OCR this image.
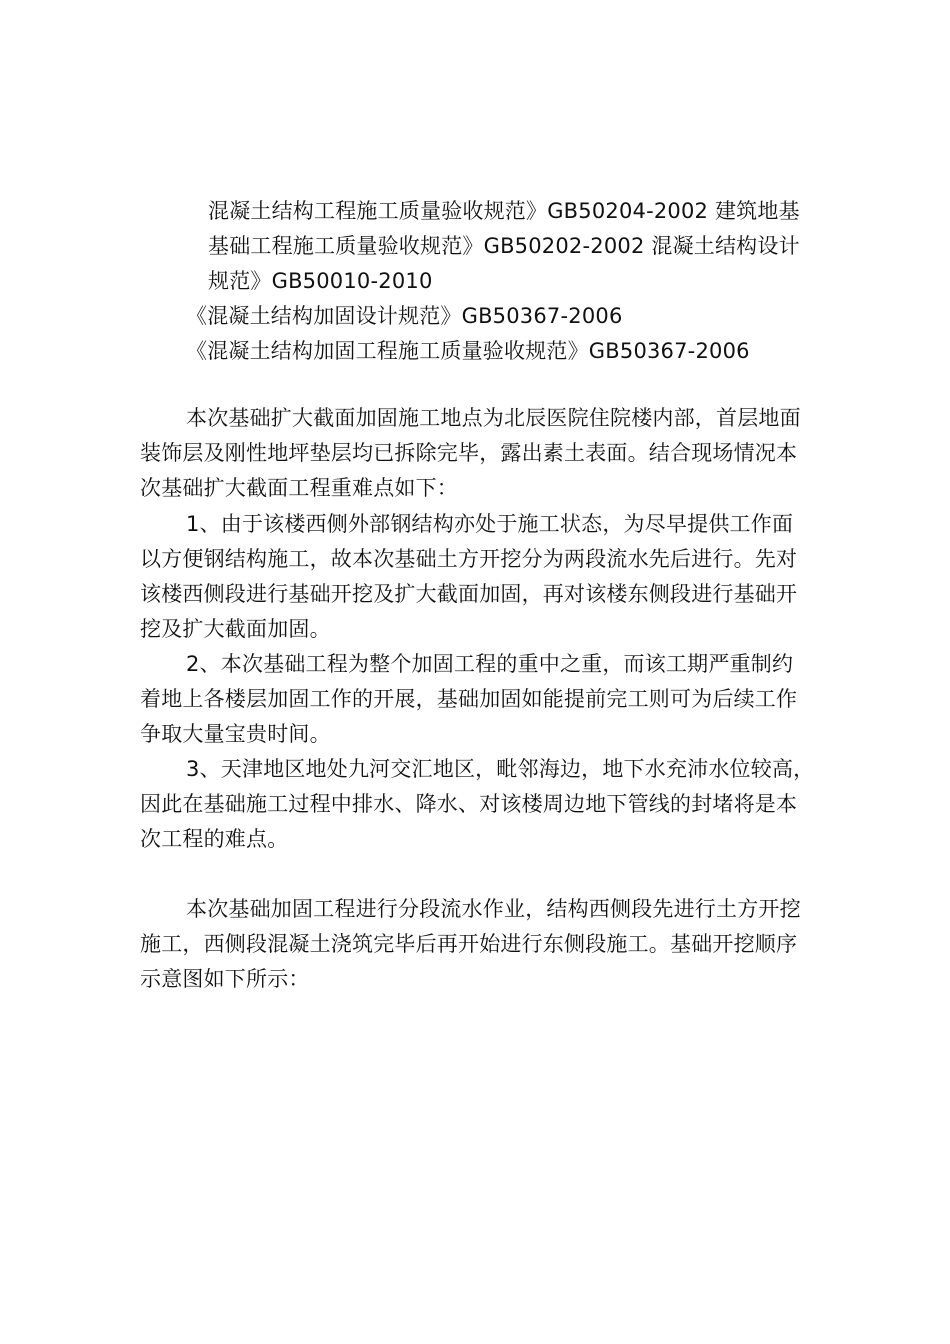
混凝土结构工程施工质量验收规范》GB50204-2002 建筑地基
基础工程施工质量验收规范》GB50202-2002 混凝土结构设计
规范》GB50010-2010
《混凝土结构加固设计规范》GB50367-2006
《混凝土结构加固工程施工质量验收规范》GB50367-2006
本次基础扩大截面加固施工地点为北辰医院住院楼内部，首层地面
装饰层及刚性地坪垫层均已拆除完毕，露出素土表面。结合现场情况本
次基础扩大截面工程重难点如下：
1、由于该楼西侧外部钢结构亦处于施工状态，为尽早提供工作面
以方便钢结构施工，故本次基础土方开挖分为两段流水先后进行。先对
该楼西侧段进行基础开挖及扩大截面加固，再对该楼东侧段进行基础开
挖及扩大截面加固。
2、本次基础工程为整个加固工程的重中之重，而该工期严重制约
着地上各楼层加固工作的开展，基础加固如能提前完工则可为后续工作
争取大量宝贵时间。
3、天津地区地处九河交汇地区，毗邻海边，地下水充沛水位较高，
因此在基础施工过程中排水、降水、对该楼周边地下管线的封堵将是本
次工程的难点。
本次基础加固工程进行分段流水作业，结构西侧段先进行土方开挖
施工，西侧段混凝土浇筑完毕后再开始进行东侧段施工。基础开挖顺序
示意图如下所示：
